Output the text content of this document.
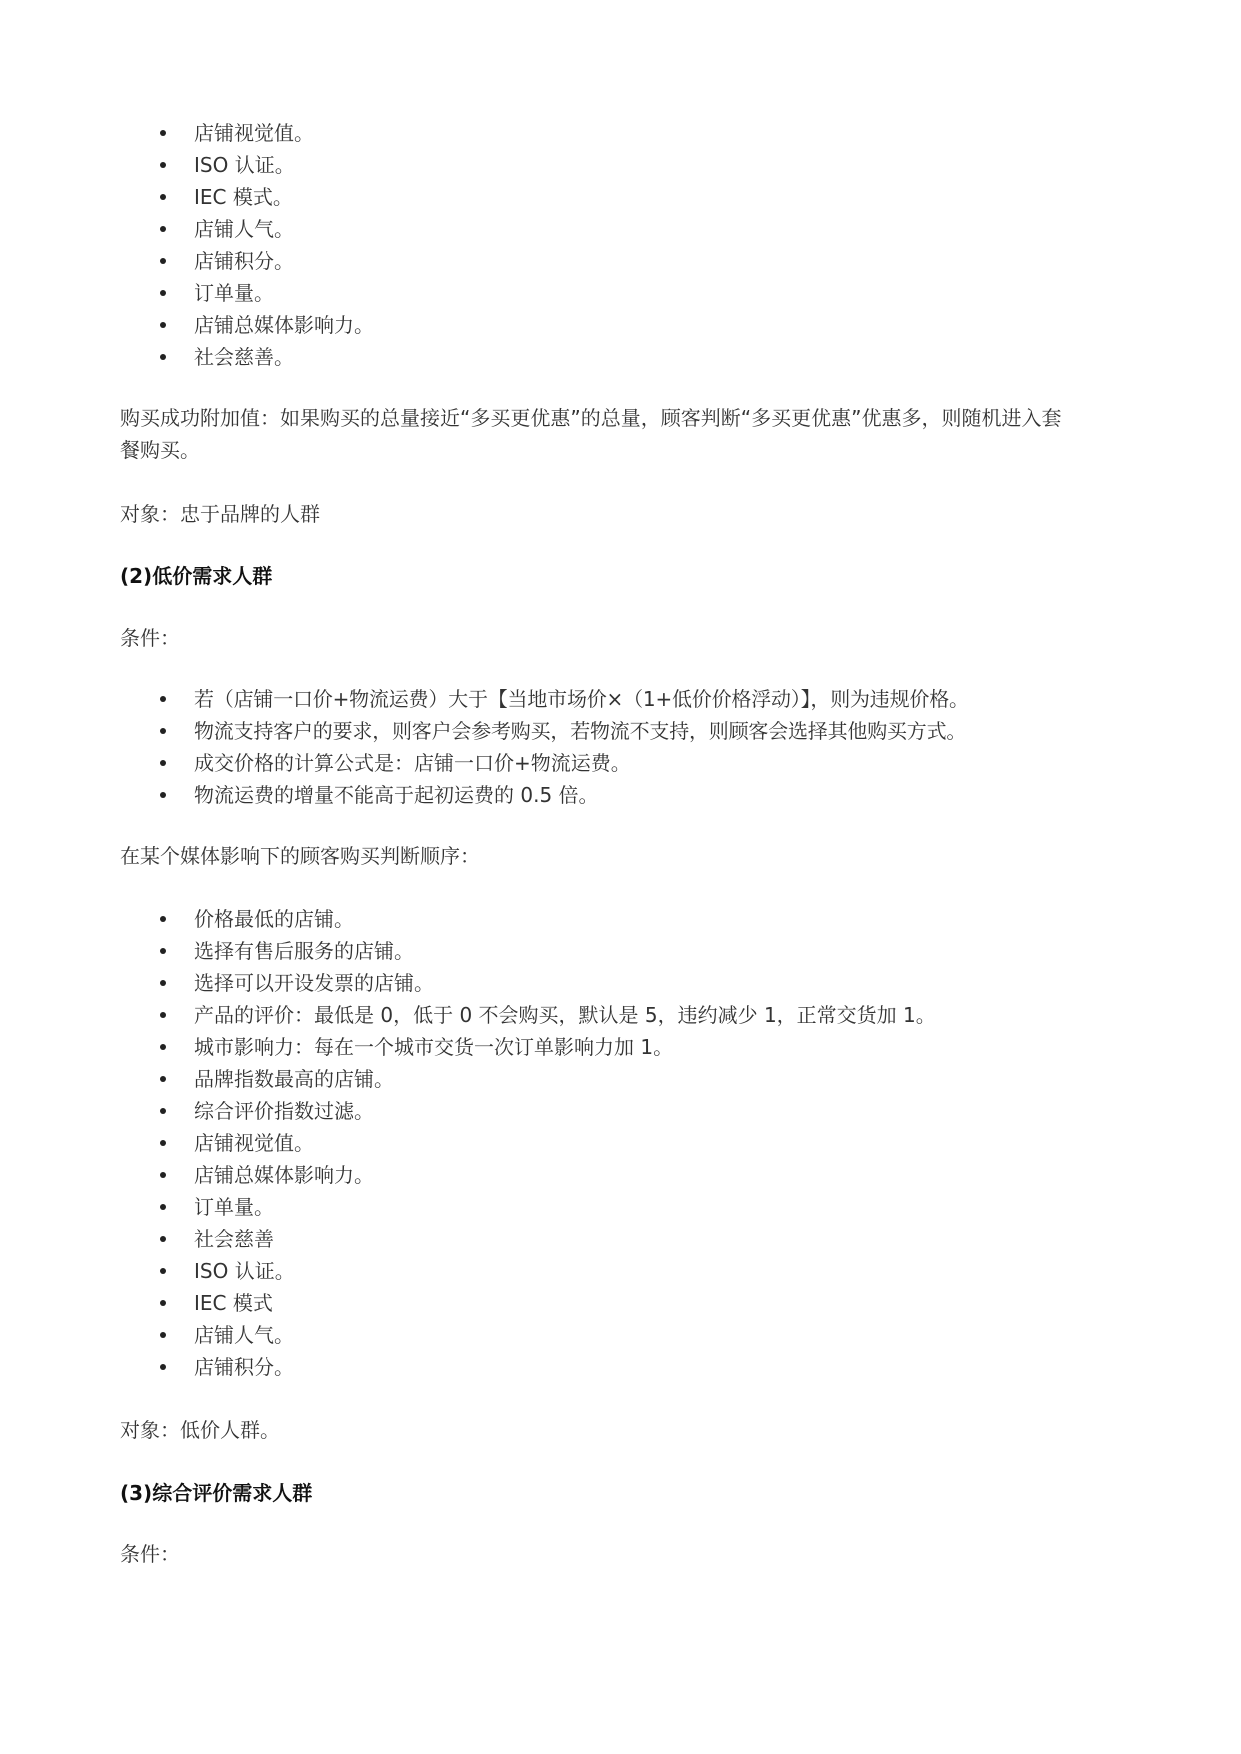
店铺视觉值。
ISO 认证。
IEC 模式。
店铺人气。
店铺积分。
订单量。
店铺总媒体影响力。
社会慈善。
购买成功附加值：如果购买的总量接近“多买更优惠”的总量，顾客判断“多买更优惠”优惠多，则随机进入套
餐购买。
对象：忠于品牌的人群
(2)低价需求人群
条件：
若（店铺一口价+物流运费）大于【当地市场价×（1+低价价格浮动）】，则为违规价格。
物流支持客户的要求，则客户会参考购买，若物流不支持，则顾客会选择其他购买方式。
成交价格的计算公式是：店铺一口价+物流运费。
物流运费的增量不能高于起初运费的 0.5 倍。
在某个媒体影响下的顾客购买判断顺序：
价格最低的店铺。
选择有售后服务的店铺。
选择可以开设发票的店铺。
产品的评价：最低是 0，低于 0 不会购买，默认是 5，违约减少 1，正常交货加 1。
城市影响力：每在一个城市交货一次订单影响力加 1。
品牌指数最高的店铺。
综合评价指数过滤。
店铺视觉值。
店铺总媒体影响力。
订单量。
社会慈善
ISO 认证。
IEC 模式
店铺人气。
店铺积分。
对象：低价人群。
(3)综合评价需求人群
条件：
